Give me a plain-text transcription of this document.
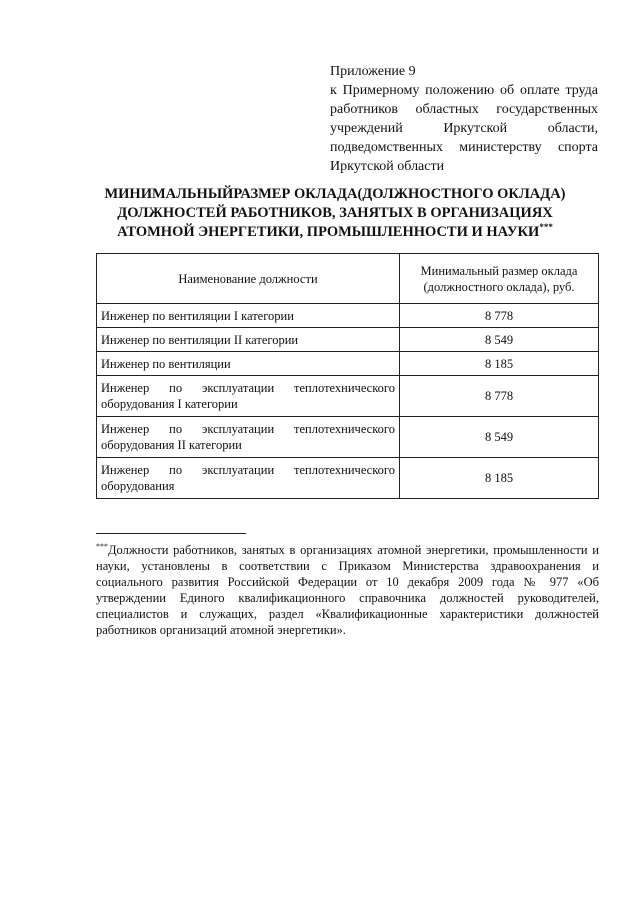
Приложение 9
к Примерному положению об оплате труда
работников областных государственных
учреждений Иркутской области,
подведомственных министерству спорта
Иркутской области
МИНИМАЛЬНЫЙРАЗМЕР ОКЛАДА(ДОЛЖНОСТНОГО ОКЛАДА)
ДОЛЖНОСТЕЙ РАБОТНИКОВ, ЗАНЯТЫХ В ОРГАНИЗАЦИЯХ
АТОМНОЙ ЭНЕРГЕТИКИ, ПРОМЫШЛЕННОСТИ И НАУКИ***
Наименование должности	Минимальный размер оклада (должностного оклада), руб.
Инженер по вентиляции I категории	8 778
Инженер по вентиляции II категории	8 549
Инженер по вентиляции	8 185
Инженер по эксплуатации теплотехнического оборудования I категории	8 778
Инженер по эксплуатации теплотехнического оборудования II категории	8 549
Инженер по эксплуатации теплотехнического оборудования	8 185
***Должности работников, занятых в организациях атомной энергетики, промышленности и науки, установлены в соответствии с Приказом Министерства здравоохранения и социального развития Российской Федерации от 10 декабря 2009 года № 977 «Об утверждении Единого квалификационного справочника должностей руководителей, специалистов и служащих, раздел «Квалификационные характеристики должностей работников организаций атомной энергетики».
